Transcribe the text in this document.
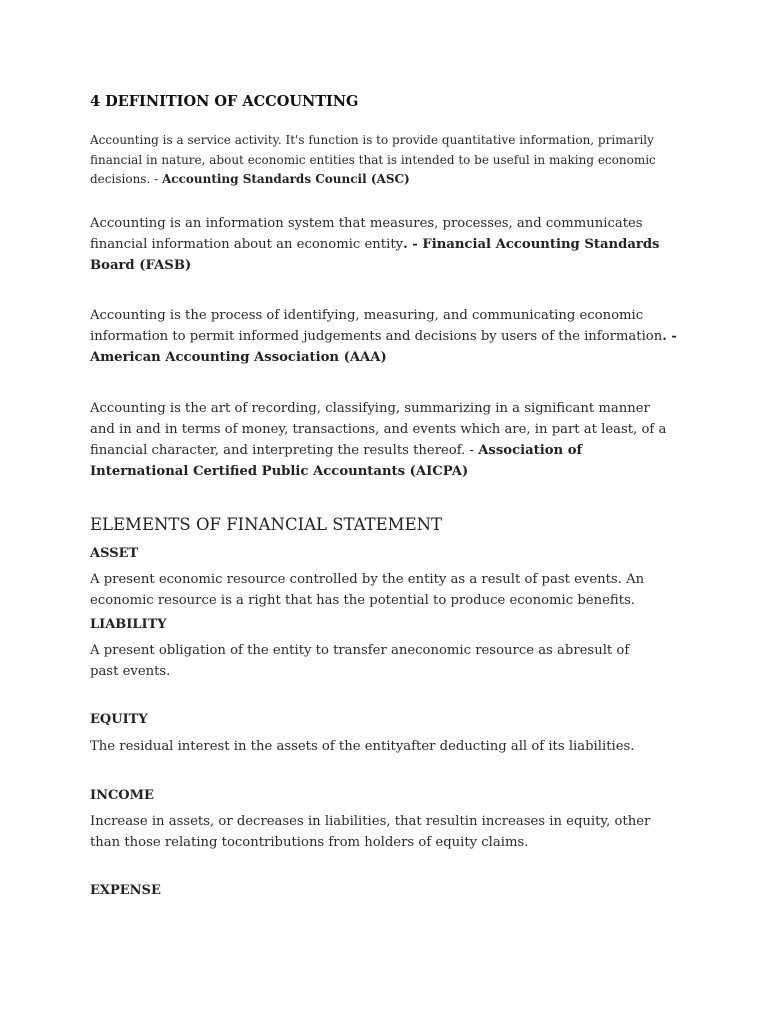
4 DEFINITION OF ACCOUNTING

Accounting is a service activity. It's function is to provide quantitative information, primarily financial in nature, about economic entities that is intended to be useful in making economic decisions. - Accounting Standards Council (ASC)

Accounting is an information system that measures, processes, and communicates financial information about an economic entity. - Financial Accounting Standards Board (FASB)

Accounting is the process of identifying, measuring, and communicating economic information to permit informed judgements and decisions by users of the information. - American Accounting Association (AAA)

Accounting is the art of recording, classifying, summarizing in a significant manner and in and in terms of money, transactions, and events which are, in part at least, of a financial character, and interpreting the results thereof. - Association of International Certified Public Accountants (AICPA)

ELEMENTS OF FINANCIAL STATEMENT
ASSET

A present economic resource controlled by the entity as a result of past events. An economic resource is a right that has the potential to produce economic benefits.

LIABILITY

A present obligation of the entity to transfer aneconomic resource as abresult of past events.

EQUITY

The residual interest in the assets of the entityafter deducting all of its liabilities.

INCOME

Increase in assets, or decreases in liabilities, that resultin increases in equity, other than those relating tocontributions from holders of equity claims.

EXPENSE
